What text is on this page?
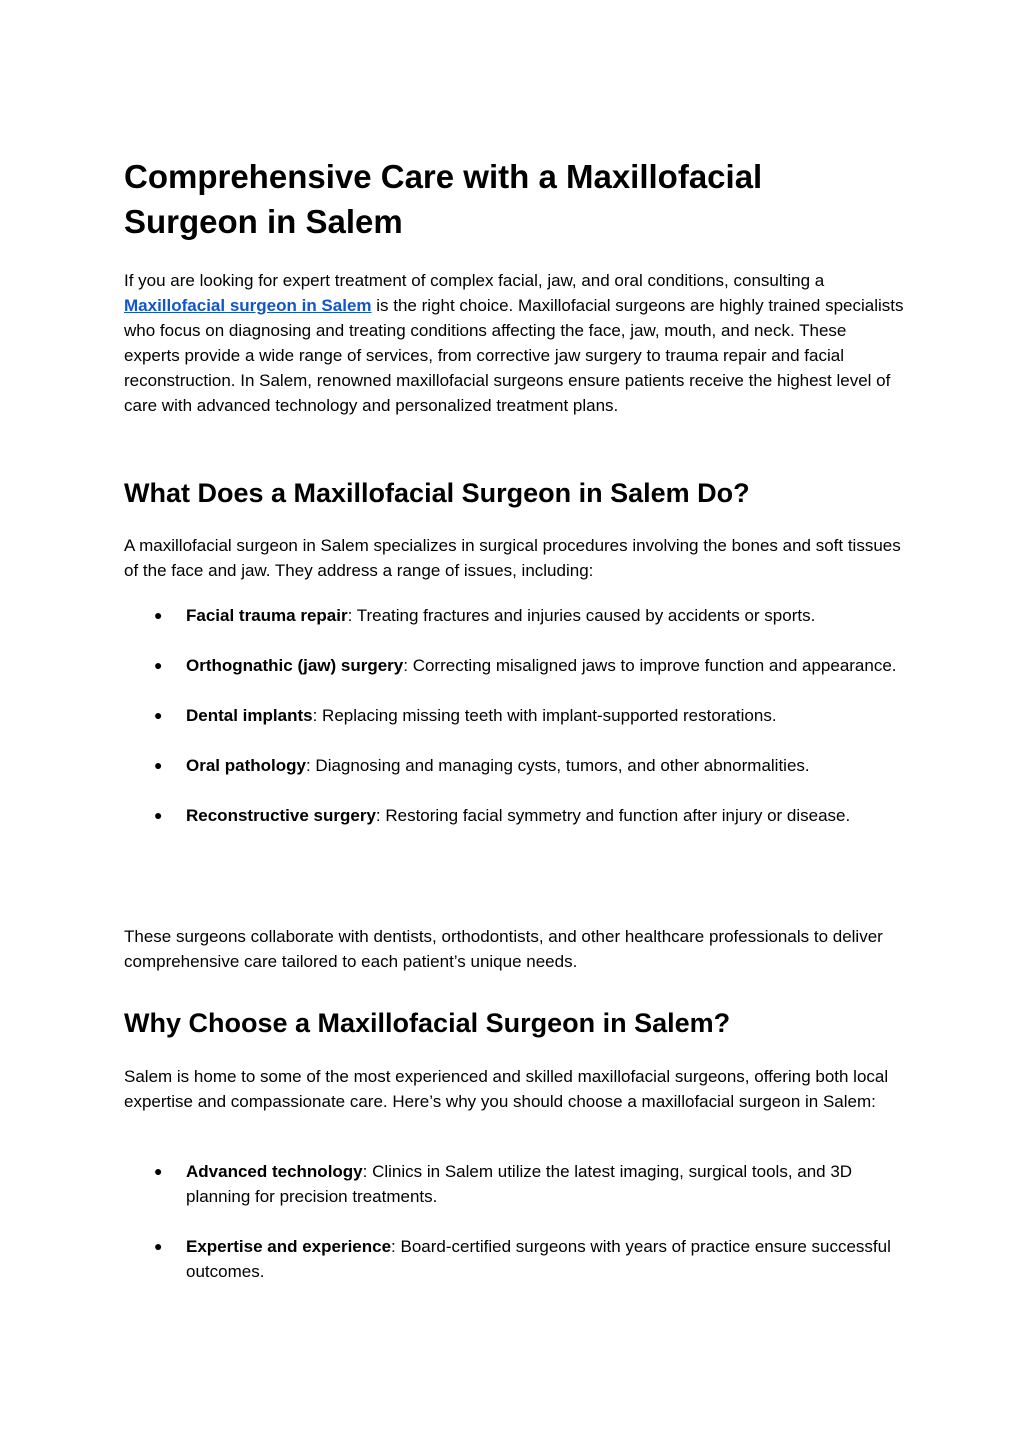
Comprehensive Care with a Maxillofacial Surgeon in Salem

If you are looking for expert treatment of complex facial, jaw, and oral conditions, consulting a Maxillofacial surgeon in Salem is the right choice. Maxillofacial surgeons are highly trained specialists who focus on diagnosing and treating conditions affecting the face, jaw, mouth, and neck. These experts provide a wide range of services, from corrective jaw surgery to trauma repair and facial reconstruction. In Salem, renowned maxillofacial surgeons ensure patients receive the highest level of care with advanced technology and personalized treatment plans.

What Does a Maxillofacial Surgeon in Salem Do?

A maxillofacial surgeon in Salem specializes in surgical procedures involving the bones and soft tissues of the face and jaw. They address a range of issues, including:

● Facial trauma repair: Treating fractures and injuries caused by accidents or sports.
● Orthognathic (jaw) surgery: Correcting misaligned jaws to improve function and appearance.
● Dental implants: Replacing missing teeth with implant-supported restorations.
● Oral pathology: Diagnosing and managing cysts, tumors, and other abnormalities.
● Reconstructive surgery: Restoring facial symmetry and function after injury or disease.

These surgeons collaborate with dentists, orthodontists, and other healthcare professionals to deliver comprehensive care tailored to each patient’s unique needs.

Why Choose a Maxillofacial Surgeon in Salem?

Salem is home to some of the most experienced and skilled maxillofacial surgeons, offering both local expertise and compassionate care. Here’s why you should choose a maxillofacial surgeon in Salem:

● Advanced technology: Clinics in Salem utilize the latest imaging, surgical tools, and 3D planning for precision treatments.
● Expertise and experience: Board-certified surgeons with years of practice ensure successful outcomes.
